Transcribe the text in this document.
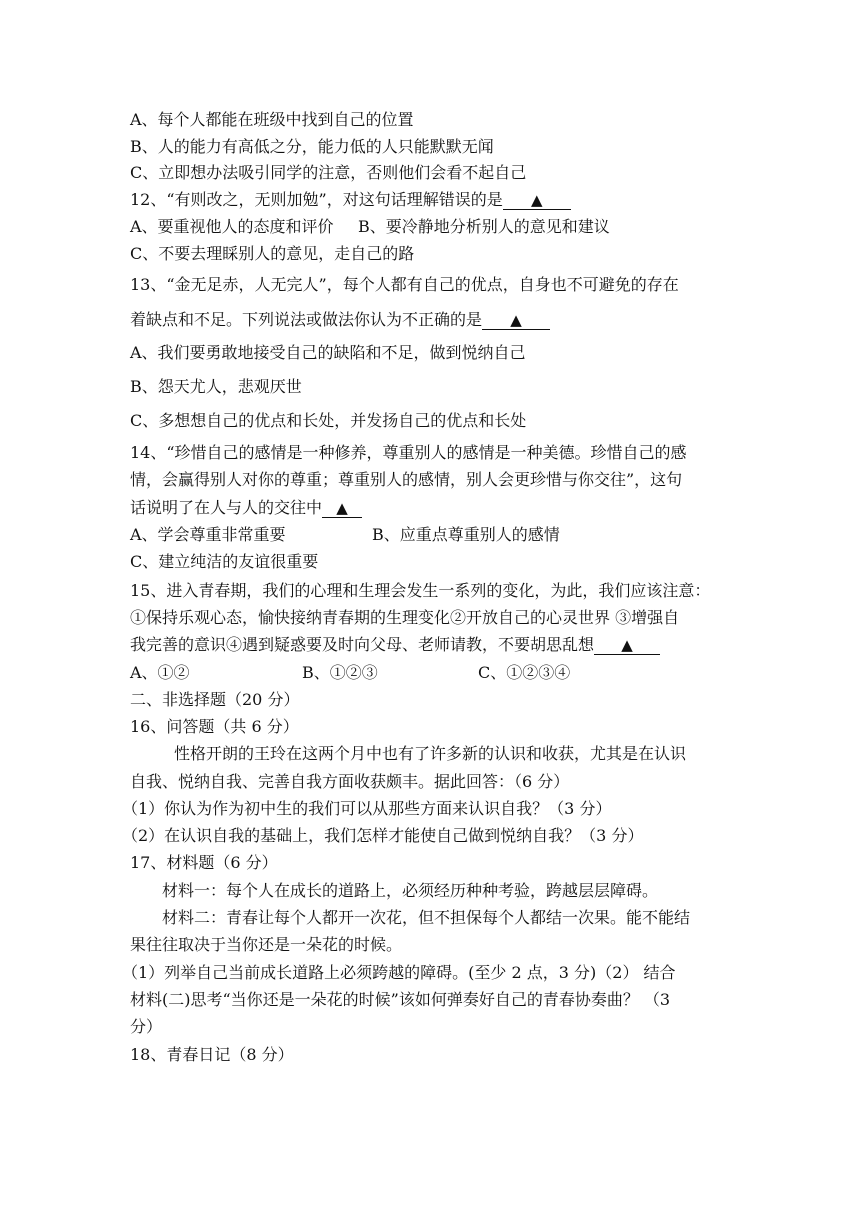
A、每个人都能在班级中找到自己的位置
B、人的能力有高低之分，能力低的人只能默默无闻
C、立即想办法吸引同学的注意，否则他们会看不起自己
12、“有则改之，无则加勉”，对这句话理解错误的是 ▲
A、要重视他人的态度和评价 B、要冷静地分析别人的意见和建议
C、不要去理睬别人的意见，走自己的路
13、“金无足赤，人无完人”，每个人都有自己的优点，自身也不可避免的存在
着缺点和不足。下列说法或做法你认为不正确的是 ▲
A、我们要勇敢地接受自己的缺陷和不足，做到悦纳自己
B、怨天尤人，悲观厌世
C、多想想自己的优点和长处，并发扬自己的优点和长处
14、“珍惜自己的感情是一种修养，尊重别人的感情是一种美德。珍惜自己的感
情，会赢得别人对你的尊重；尊重别人的感情，别人会更珍惜与你交往”，这句
话说明了在人与人的交往中 ▲
A、学会尊重非常重要	B、应重点尊重别人的感情
C、建立纯洁的友谊很重要
15、进入青春期，我们的心理和生理会发生一系列的变化，为此，我们应该注意：
①保持乐观心态，愉快接纳青春期的生理变化②开放自己的心灵世界 ③增强自
我完善的意识④遇到疑惑要及时向父母、老师请教，不要胡思乱想 ▲
A、①②	B、①②③	C、①②③④
二、非选择题（20 分）
16、问答题（共 6 分）
性格开朗的王玲在这两个月中也有了许多新的认识和收获，尤其是在认识
自我、悦纳自我、完善自我方面收获颇丰。据此回答：（6 分）
（1）你认为作为初中生的我们可以从那些方面来认识自我？（3 分）
（2）在认识自我的基础上，我们怎样才能使自己做到悦纳自我？（3 分）
17、材料题（6 分）
材料一：每个人在成长的道路上，必须经历种种考验，跨越层层障碍。
材料二：青春让每个人都开一次花，但不担保每个人都结一次果。能不能结
果往往取决于当你还是一朵花的时候。
（1）列举自己当前成长道路上必须跨越的障碍。(至少 2 点，3 分)（2） 结合
材料(二)思考“当你还是一朵花的时候”该如何弹奏好自己的青春协奏曲？ （3
分）
18、青春日记（8 分）
